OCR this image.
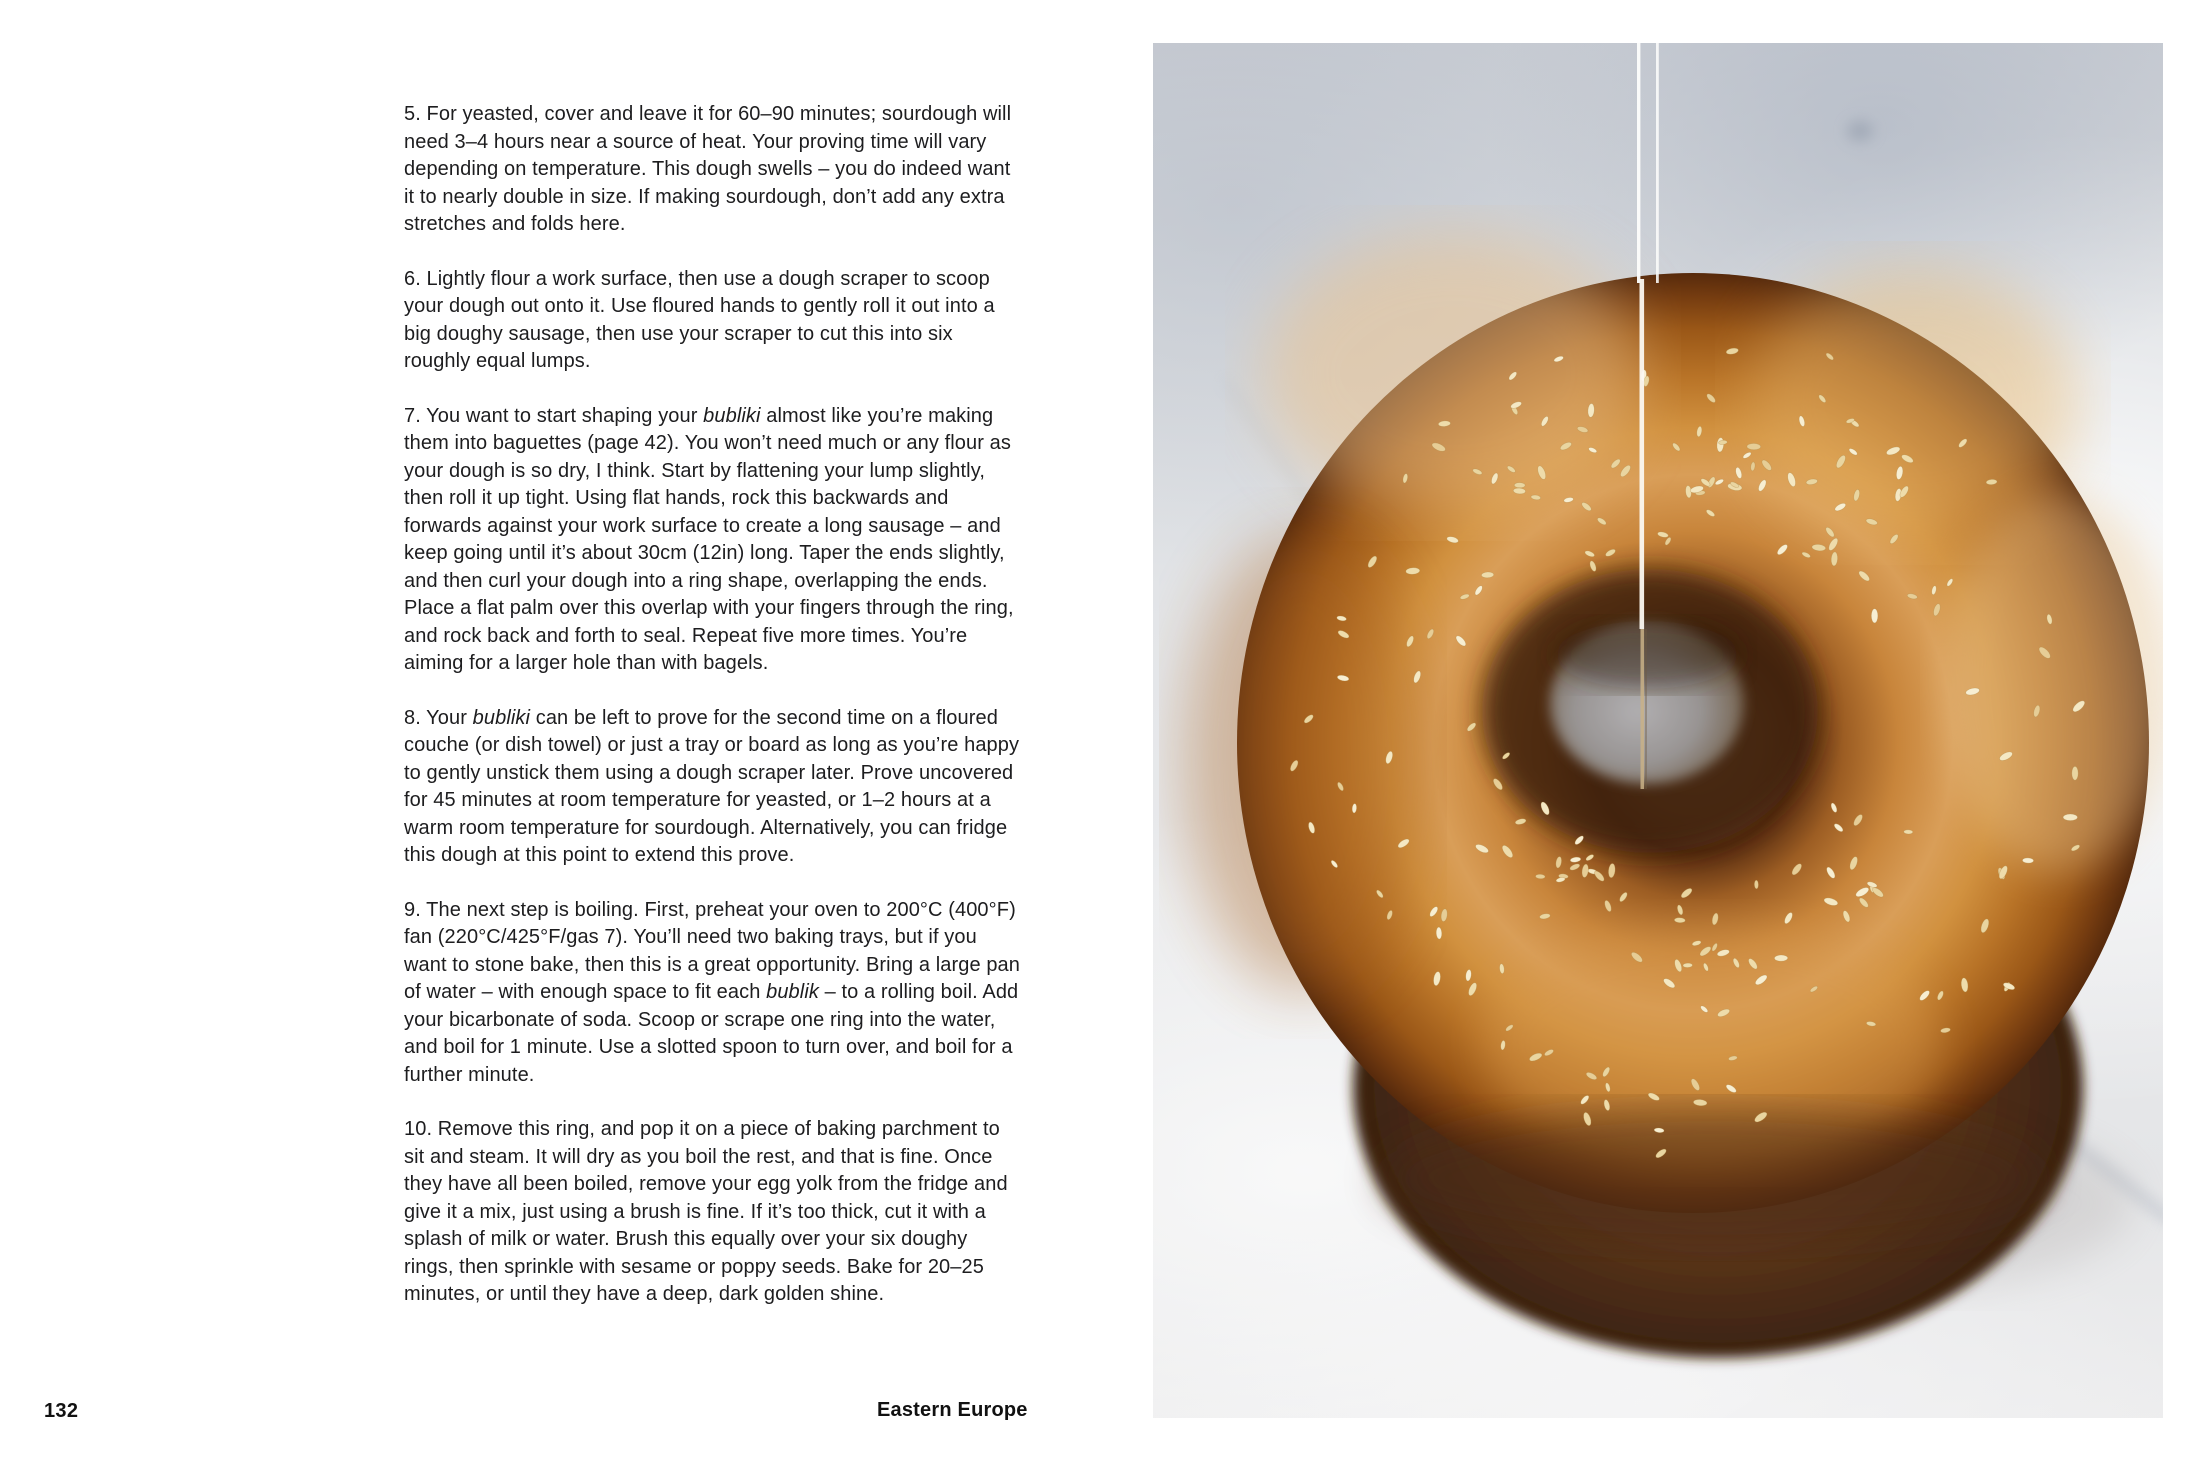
5. For yeasted, cover and leave it for 60–90 minutes; sourdough will need 3–4 hours near a source of heat. Your proving time will vary depending on temperature. This dough swells – you do indeed want it to nearly double in size. If making sourdough, don’t add any extra stretches and folds here.

6. Lightly flour a work surface, then use a dough scraper to scoop your dough out onto it. Use floured hands to gently roll it out into a big doughy sausage, then use your scraper to cut this into six roughly equal lumps.

7. You want to start shaping your bubliki almost like you’re making them into baguettes (page 42). You won’t need much or any flour as your dough is so dry, I think. Start by flattening your lump slightly, then roll it up tight. Using flat hands, rock this backwards and forwards against your work surface to create a long sausage – and keep going until it’s about 30cm (12in) long. Taper the ends slightly, and then curl your dough into a ring shape, overlapping the ends. Place a flat palm over this overlap with your fingers through the ring, and rock back and forth to seal. Repeat five more times. You’re aiming for a larger hole than with bagels.

8. Your bubliki can be left to prove for the second time on a floured couche (or dish towel) or just a tray or board as long as you’re happy to gently unstick them using a dough scraper later. Prove uncovered for 45 minutes at room temperature for yeasted, or 1–2 hours at a warm room temperature for sourdough. Alternatively, you can fridge this dough at this point to extend this prove.

9. The next step is boiling. First, preheat your oven to 200°C (400°F) fan (220°C/425°F/gas 7). You’ll need two baking trays, but if you want to stone bake, then this is a great opportunity. Bring a large pan of water – with enough space to fit each bublik – to a rolling boil. Add your bicarbonate of soda. Scoop or scrape one ring into the water, and boil for 1 minute. Use a slotted spoon to turn over, and boil for a further minute.

10. Remove this ring, and pop it on a piece of baking parchment to sit and steam. It will dry as you boil the rest, and that is fine. Once they have all been boiled, remove your egg yolk from the fridge and give it a mix, just using a brush is fine. If it’s too thick, cut it with a splash of milk or water. Brush this equally over your six doughy rings, then sprinkle with sesame or poppy seeds. Bake for 20–25 minutes, or until they have a deep, dark golden shine.

132	Eastern Europe
